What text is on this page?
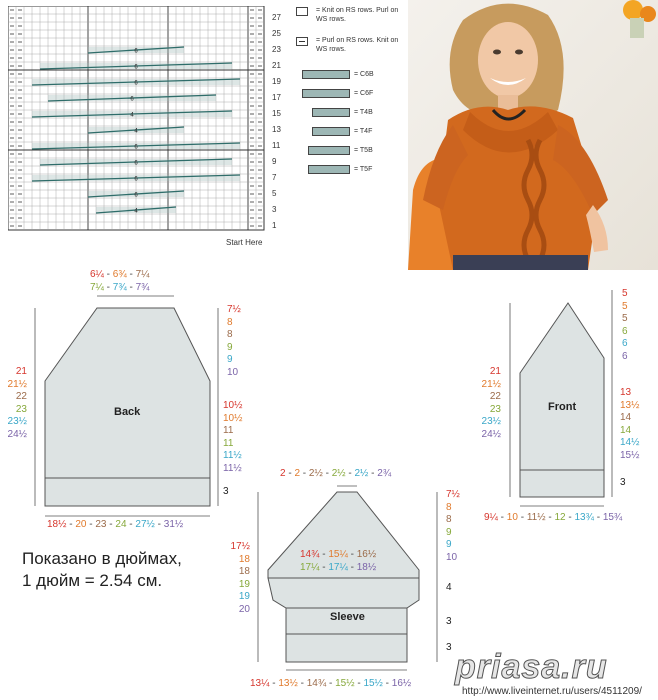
6
6
6
6
4
4
6
6
6
6
4
1
3
5
7
9
11
13
15
17
19
21
23
25
27
Start Here
= Knit on RS rows. Purl on WS rows.
= Purl on RS rows. Knit on WS rows.
= C6B
= C6F
= T4B
= T4F
= T5B
= T5F
Back	Front
Sleeve
6¼ - 6¾ - 7¼
7¼ - 7¾ - 7¾
21
21½
22
23
23½
24½
7½
8
8
9
9
10
10½
10½
11
11
11½
11½
3
18½ - 20 - 23 - 24 - 27½ - 31½
5
5
5
6
6
6
21
21½
22
23
23½
24½
13
13½
14
14
14½
15½
3
9¼ - 10 - 11½ - 12 - 13¾ - 15¾
2 - 2 - 2½ - 2½ - 2½ - 2¾
14¾ - 15¼ - 16½
17¼ - 17¼ - 18½
17½
18
18
19
19
20
7½
8
8
9
9
10
4
3
3
13¼ - 13½ - 14¾ - 15½ - 15½ - 16½
Показано в дюймах,
1 дюйм = 2.54 см.
priasa.ru
http://www.liveinternet.ru/users/4511209/
